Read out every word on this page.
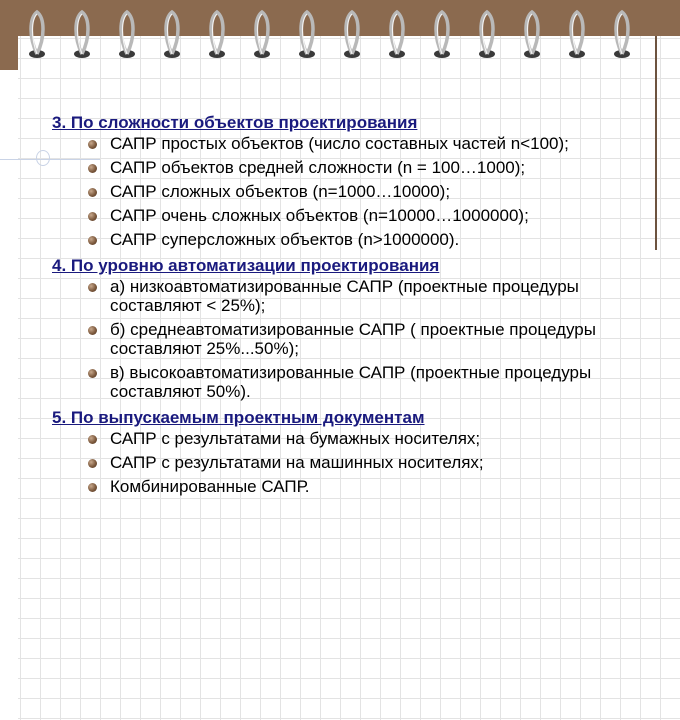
3. По сложности объектов проектирования
САПР простых объектов (число составных частей n<100);
САПР объектов средней сложности (n = 100…1000);
САПР сложных объектов (n=1000…10000);
САПР очень сложных объектов (n=10000…1000000);
САПР суперсложных объектов (n>1000000).
4. По уровню автоматизации проектирования
а) низкоавтоматизированные САПР (проектные процедуры составляют < 25%);
б) среднеавтоматизированные САПР ( проектные процедуры составляют 25%...50%);
в) высокоавтоматизированные САПР (проектные процедуры составляют 50%).
5. По выпускаемым проектным документам
САПР с результатами на бумажных носителях;
САПР с результатами на машинных носителях;
Комбинированные САПР.
